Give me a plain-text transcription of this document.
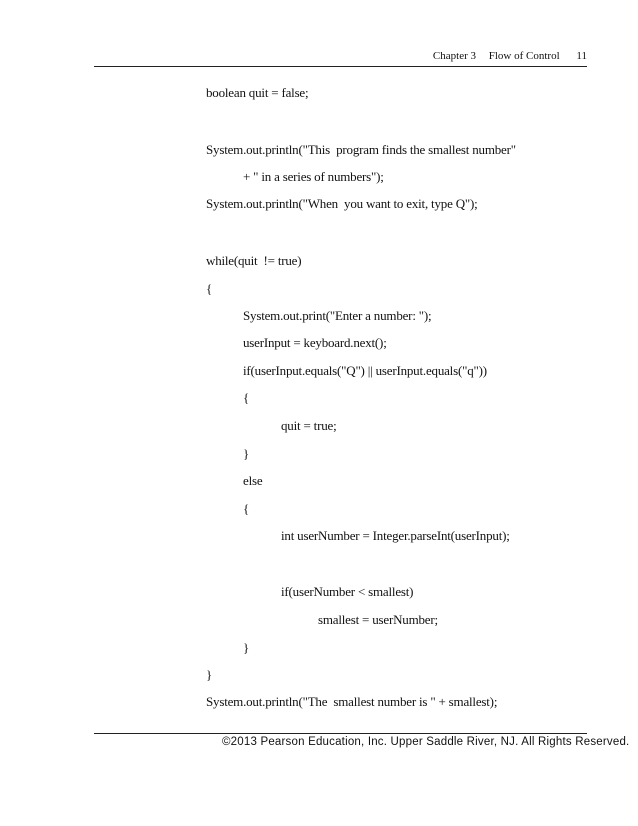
Chapter 3 Flow of Control 11
boolean quit = false;
System.out.println("This  program finds the smallest number"
+ " in a series of numbers");
System.out.println("When  you want to exit, type Q");
while(quit  != true)
{
System.out.print("Enter a number: ");
userInput = keyboard.next();
if(userInput.equals("Q") || userInput.equals("q"))
{
quit = true;
}
else
{
int userNumber = Integer.parseInt(userInput);
if(userNumber < smallest)
smallest = userNumber;
}
}
System.out.println("The  smallest number is " + smallest);
©2013 Pearson Education, Inc. Upper Saddle River, NJ. All Rights Reserved.
